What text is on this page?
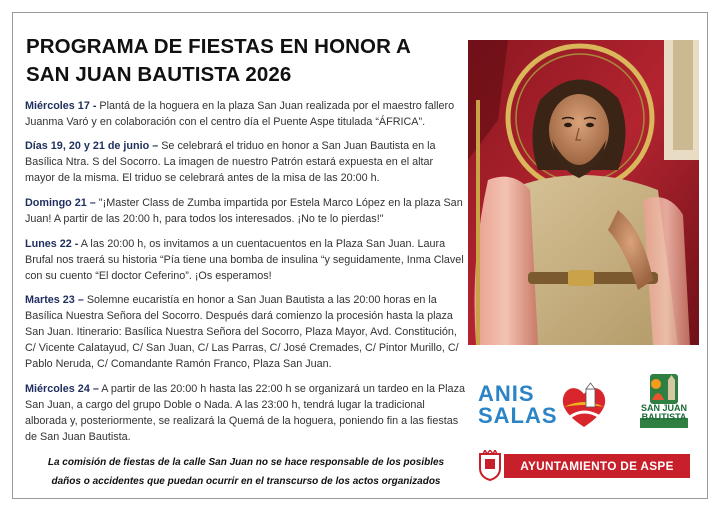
PROGRAMA DE FIESTAS EN HONOR A
SAN JUAN BAUTISTA 2026
Miércoles 17 - Plantá de la hoguera en la plaza San Juan realizada por el maestro fallero Juanma Varó y en colaboración con el centro día el Puente Aspe titulada “ÁFRICA”.
Días 19, 20 y 21 de junio – Se celebrará el triduo en honor a San Juan Bautista en la Basílica Ntra. S del Socorro. La imagen de nuestro Patrón estará expuesta en el altar mayor de la misma. El triduo se celebrará antes de la misa de las 20:00 h.
Domingo 21 – "¡Master Class de Zumba impartida por Estela Marco López en la plaza San Juan! A partir de las 20:00 h, para todos los interesados. ¡No te lo pierdas!"
Lunes 22 - A las 20:00 h, os invitamos a un cuentacuentos en la Plaza San Juan. Laura Brufal nos traerá su historia “Pía tiene una bomba de insulina “y seguidamente, Inma Clavel con su cuento “El doctor Ceferino”. ¡Os esperamos!
Martes 23 – Solemne eucaristía en honor a San Juan Bautista a las 20:00 horas en la Basílica Nuestra Señora del Socorro. Después dará comienzo la procesión hasta la plaza San Juan. Itinerario: Basílica Nuestra Señora del Socorro, Plaza Mayor, Avd. Constitución, C/ Vicente Calatayud, C/ San Juan, C/ Las Parras, C/ José Cremades, C/ Pintor Murillo, C/ Pablo Neruda, C/ Comandante Ramón Franco, Plaza San Juan.
Miércoles 24 – A partir de las 20:00 h hasta las 22:00 h se organizará un tardeo en la Plaza San Juan, a cargo del grupo Doble o Nada. A las 23:00 h, tendrá lugar la tradicional alborada y, posteriormente, se realizará la Quemá de la hoguera, poniendo fin a las fiestas de San Juan Bautista.
La comisión de fiestas de la calle San Juan no se hace responsable de los posibles
daños o accidentes que puedan ocurrir en el transcurso de los actos organizados
ANIS
SALAS	SAN JUAN
BAUTISTA
AYUNTAMIENTO DE ASPE
